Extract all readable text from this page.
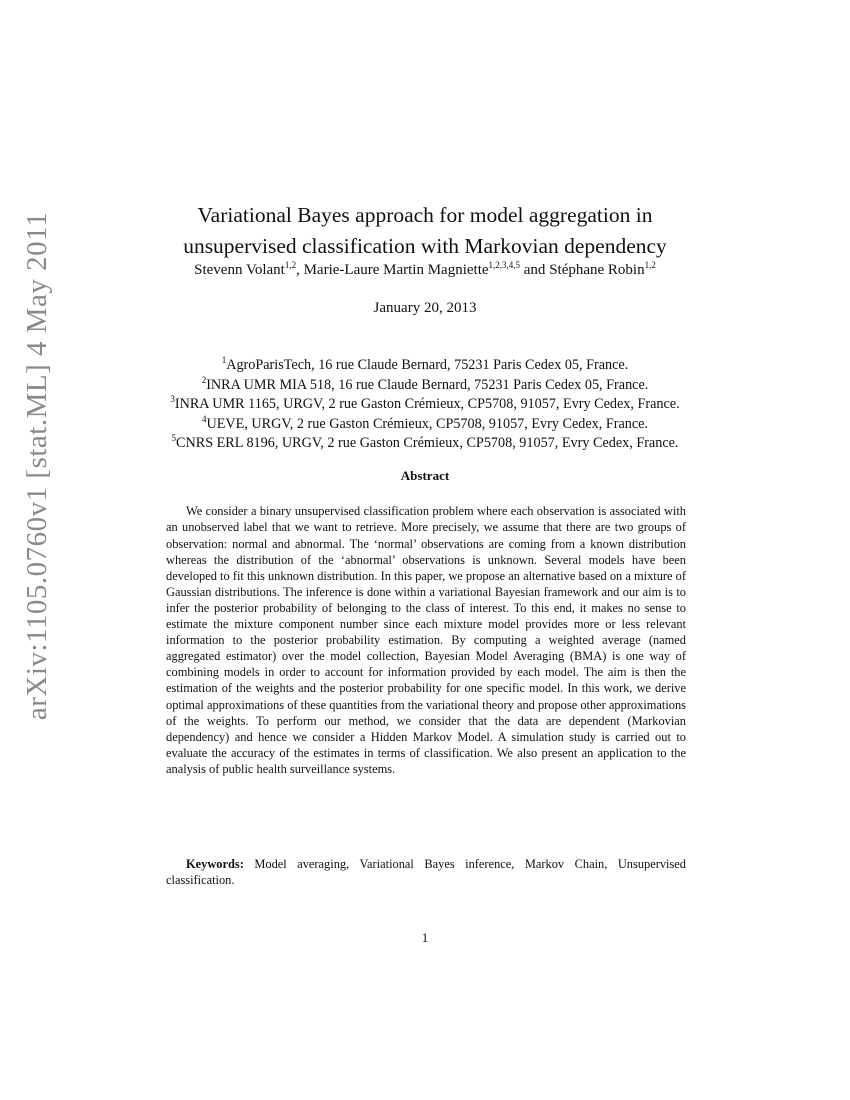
arXiv:1105.0760v1 [stat.ML] 4 May 2011	Variational Bayes approach for model aggregation in
unsupervised classification with Markovian dependency
Stevenn Volant$^{1,2}$, Marie-Laure Martin Magniette$^{1,2,3,4,5}$ and Stéphane Robin$^{1,2}$
January 20, 2013
$^1$AgroParisTech, 16 rue Claude Bernard, 75231 Paris Cedex 05, France.
$^2$INRA UMR MIA 518, 16 rue Claude Bernard, 75231 Paris Cedex 05, France.
$^3$INRA UMR 1165, URGV, 2 rue Gaston Crémieux, CP5708, 91057, Evry Cedex, France.
$^4$UEVE, URGV, 2 rue Gaston Crémieux, CP5708, 91057, Evry Cedex, France.
$^5$CNRS ERL 8196, URGV, 2 rue Gaston Crémieux, CP5708, 91057, Evry Cedex, France.
Abstract

We consider a binary unsupervised classification problem where each observation is associated with an unobserved label that we want to retrieve. More precisely, we assume that there are two groups of observation: normal and abnormal. The ‘normal’ observations are coming from a known distribution whereas the distribution of the ‘abnormal’ observations is unknown. Several models have been developed to fit this unknown distribution. In this paper, we propose an alternative based on a mixture of Gaussian distributions. The inference is done within a variational Bayesian framework and our aim is to infer the posterior probability of belonging to the class of interest. To this end, it makes no sense to estimate the mixture component number since each mixture model provides more or less relevant information to the posterior probability estimation. By computing a weighted average (named aggregated estimator) over the model collection, Bayesian Model Averaging (BMA) is one way of combining models in order to account for information provided by each model. The aim is then the estimation of the weights and the posterior probability for one specific model. In this work, we derive optimal approximations of these quantities from the variational theory and propose other approximations of the weights. To perform our method, we consider that the data are dependent (Markovian dependency) and hence we consider a Hidden Markov Model. A simulation study is carried out to evaluate the accuracy of the estimates in terms of classification. We also present an application to the analysis of public health surveillance systems.

Keywords: Model averaging, Variational Bayes inference, Markov Chain, Unsupervised classification.

1
